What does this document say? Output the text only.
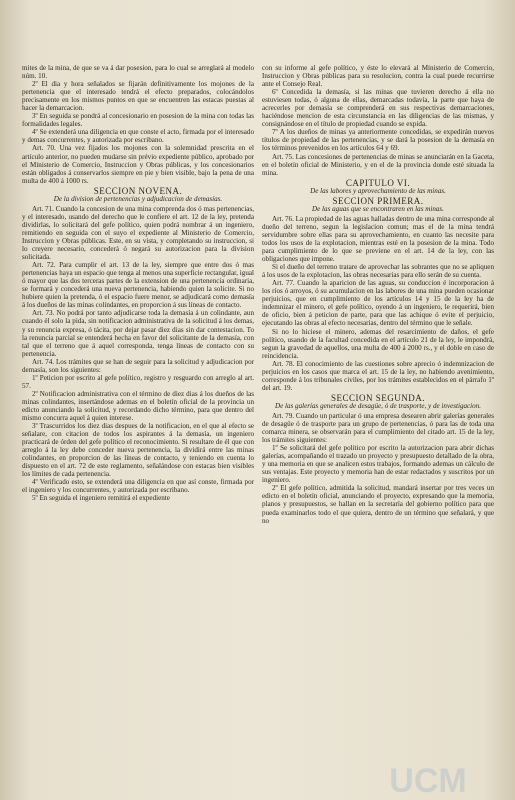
mites de la mina, de que se va á dar posesion, para lo cual se arreglará al modelo núm. 10.

2º El dia y hora señalados se fijarán definitivamente los mojones de la pertenencia que el interesado tendrá el efecto preparados, colocándolos precisamente en los mismos puntos en que se encuentren las estacas puestas al hacer la demarcacion.

3º En seguida se pondrá al concesionario en posesion de la mina con todas las formalidades legales.

4º Se extenderá una diligencia en que conste el acto, firmada por el interesado y demas concurrentes, y autorizada por escribano.

Art. 70. Una vez fijados los mojones con la solemnidad prescrita en el artículo anterior, no pueden mudarse sin prévio expediente público, aprobado por el Ministerio de Comercio, Instruccion y Obras públicas, y los concesionarios están obligados á conservarlos siempre en pie y bien visible, bajo la pena de una multa de 400 á 1000 rs.

SECCION NOVENA.

De la division de pertenencias y adjudicacion de demasías.

Art. 71. Cuando la concesion de una mina comprenda dos ó mas pertenencias, y el interesado, usando del derecho que le confiere el art. 12 de la ley, pretenda dividirlas, lo solicitará del gefe político, quien podrá nombrar á un ingeniero, remitiendo en seguida con el suyo el expediente al Ministerio de Comercio, Instruccion y Obras públicas. Este, en su vista, y completando su instruccion, si lo creyere necesario, concederá ó negará su autorizacion para la division solicitada.

Art. 72. Para cumplir el art. 13 de la ley, siempre que entre dos ó mas pertenencias haya un espacio que tenga al menos una superficie rectangular, igual ó mayor que las dos terceras partes de la extension de una pertenencia ordinaria, se formará y concederá una nueva pertenencia, habiendo quien la solicite. Si no hubiere quien la pretenda, ó el espacio fuere menor, se adjudicará como demasía á los dueños de las minas colindantes, en proporcion á sus líneas de contacto.

Art. 73. No podrá por tanto adjudicarse toda la demasía á un colindante, aun cuando él solo la pida, sin notificacion administrativa de la solicitud á los demas, y su renuncia expresa, ó tácita, por dejar pasar diez dias sin dar contestacion. To la renuncia parcial se entenderá hecha en favor del solicitante de la demasía, con tal que el terreno que á aquel corresponda, tenga líneas de contacto con su pertenencia.

Art. 74. Los trámites que se han de seguir para la solicitud y adjudicacion por demasía, son los siguientes:

1º Peticion por escrito al gefe político, registro y resguardo con arreglo al art. 57.

2º Notificacion administrativa con el término de diez dias á los dueños de las minas colindantes, insertándose ademas en el boletín oficial de la provincia un edicto anunciando la solicitud, y recordando dicho término, para que dentro del mismo concurra aquel á quien interese.

3º Trascurridos los diez dias despues de la notificacion, en el que al efecto se señalare, con citacion de todos los aspirantes á la demasía, un ingeniero practicará de órden del gefe político el reconocimiento. Si resultare de él que con arreglo á la ley debe conceder nueva pertenencia, la dividirá entre las minas colindantes, en proporcion de las líneas de contacto, y teniendo en cuenta lo dispuesto en el art. 72 de este reglamento, señalándose con estacas bien visibles los límites de cada pertenencia.

4º Verificado esto, se extenderá una diligencia en que así conste, firmada por el ingeniero y los concurrentes, y autorizada por escribano.

5º En seguida el ingeniero remitirá el expediente

con su informe al gefe político, y éste lo elevará al Ministerio de Comercio, Instruccion y Obras públicas para su resolucion, contra la cual puede recurrirse ante el Consejo Real.

6º Concedida la demasía, si las minas que tuvieren derecho á ella no estuviesen todas, ó alguna de ellas, demarcadas todavía, la parte que haya de acrecerles por demasía se comprenderá en sus respectivas demarcaciones, haciéndose mencion de esta circunstancia en las diligencias de las mismas, y consignándose en el título de propiedad cuando se expida.

7º A los dueños de minas ya anteriormente concedidas, se expedirán nuevos títulos de propiedad de las pertenencias, y se dará la posesion de la demasía en los términos prevenidos en los artículos 64 y 69.

Art. 75. Las concesiones de pertenencias de minas se anunciarán en la Gaceta, en el boletín oficial de Ministerio, y en el de la provincia donde esté situada la mina.

CAPITULO VI.

De las labores y aprovechamiento de las minas.

SECCION PRIMERA.

De las aguas que se encontraren en las minas.

Art. 76. La propiedad de las aguas halladas dentro de una mina corresponde al dueño del terreno, segun la legislacion comun; mas el de la mina tendrá servidumbre sobre ellas para su aprovechamiento, en cuanto las necesite para todos los usos de la explotacion, mientras esté en la posesion de la mina. Todo para cumplimiento de lo que se previene en el art. 14 de la ley, con las obligaciones que impone.

Si el dueño del terreno tratare de aprovechar las sobrantes que no se apliquen á los usos de la explotacion, las obras necesarias para ello serán de su cuenta.

Art. 77. Cuando la aparicion de las aguas, su conduccion é incorporacion á los ríos ó arroyos, ó su acumulacion en las labores de una mina pueden ocasionar perjuicios, que en cumplimiento de los artículos 14 y 15 de la ley ha de indemnizar el minero, el gefe político, oyendo á un ingeniero, le requerirá, bien de oficio, bien á peticion de parte, para que las achique ó evite el perjuicio, ejecutando las obras al efecto necesarias, dentro del término que le señale.

Si no lo hiciese el minero, ademas del resarcimiento de daños, el gefe político, usando de la facultad concedida en el artículo 21 de la ley, le impondrá, segun la gravedad de aquellos, una multa de 400 á 2000 rs., y el doble en caso de reincidencia.

Art. 78. El conocimiento de las cuestiones sobre aprecio ó indemnizacion de perjuicios en los casos que marca el art. 15 de la ley, no habiendo avenimiento, corresponde á los tribunales civiles, por los trámites establecidos en el párrafo 1º del art. 19.

SECCION SEGUNDA.

De las galerías generales de desagüe, ó de trasporte, y de investigacion.

Art. 79. Cuando un particular ó una empresa desearen abrir galerías generales de desagüe ó de trasporte para un grupo de pertenencias, ó para las de toda una comarca minera, se observarán para el cumplimiento del citado art. 15 de la ley, los trámites siguientes:

1º Se solicitará del gefe político por escrito la autorizacion para abrir dichas galerías, acompañando el trazado un proyecto y presupuesto detallado de la obra, y una memoria en que se analicen estos trabajos, formando ademas un cálculo de sus ventajas. Este proyecto y memoria han de estar redactados y suscritos por un ingeniero.

2º El gefe político, admitida la solicitud, mandará insertar por tres veces un edicto en el boletín oficial, anunciando el proyecto, expresando que la memoria, planos y presupuestos, se hallan en la secretaría del gobierno político para que pueda examinarlos todo el que quiera, dentro de un término que señalará, y que no

UCM
